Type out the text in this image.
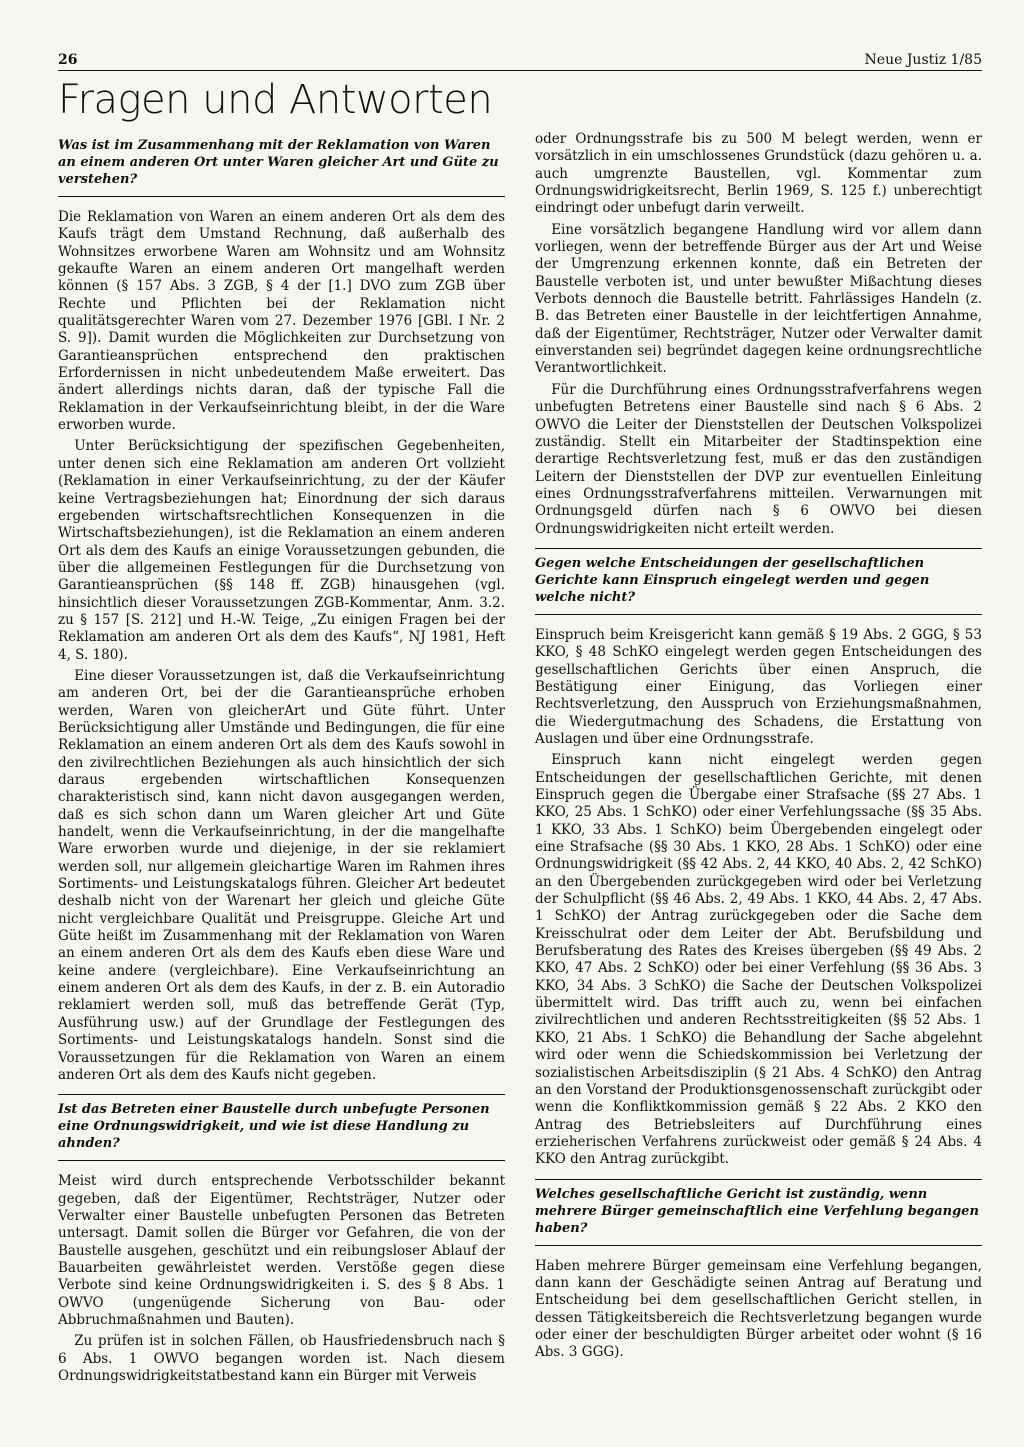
26	Neue Justiz 1/85
Fragen und Antworten
Was ist im Zusammenhang mit der Reklamation von Waren an einem anderen Ort unter Waren gleicher Art und Güte zu verstehen?

Die Reklamation von Waren an einem anderen Ort als dem des Kaufs trägt dem Umstand Rechnung, daß außerhalb des Wohnsitzes erworbene Waren am Wohnsitz und am Wohnsitz gekaufte Waren an einem anderen Ort mangelhaft werden können (§ 157 Abs. 3 ZGB, § 4 der [1.] DVO zum ZGB über Rechte und Pflichten bei der Reklamation nicht qualitätsgerechter Waren vom 27. Dezember 1976 [GBl. I Nr. 2 S. 9]). Damit wurden die Möglichkeiten zur Durchsetzung von Garantieansprüchen entsprechend den praktischen Erfordernissen in nicht unbedeutendem Maße erweitert. Das ändert allerdings nichts daran, daß der typische Fall die Reklamation in der Verkaufseinrichtung bleibt, in der die Ware erworben wurde.

Unter Berücksichtigung der spezifischen Gegebenheiten, unter denen sich eine Reklamation am anderen Ort vollzieht (Reklamation in einer Verkaufseinrichtung, zu der der Käufer keine Vertragsbeziehungen hat; Einordnung der sich daraus ergebenden wirtschaftsrechtlichen Konsequenzen in die Wirtschaftsbeziehungen), ist die Reklamation an einem anderen Ort als dem des Kaufs an einige Voraussetzungen gebunden, die über die allgemeinen Festlegungen für die Durchsetzung von Garantieansprüchen (§§ 148 ff. ZGB) hinausgehen (vgl. hinsichtlich dieser Voraussetzungen ZGB-Kommentar, Anm. 3.2. zu § 157 [S. 212] und H.-W. Teige, „Zu einigen Fragen bei der Reklamation am anderen Ort als dem des Kaufs“, NJ 1981, Heft 4, S. 180).

Eine dieser Voraussetzungen ist, daß die Verkaufseinrichtung am anderen Ort, bei der die Garantieansprüche erhoben werden, Waren von gleicherArt und Güte führt. Unter Berücksichtigung aller Umstände und Bedingungen, die für eine Reklamation an einem anderen Ort als dem des Kaufs sowohl in den zivilrechtlichen Beziehungen als auch hinsichtlich der sich daraus ergebenden wirtschaftlichen Konsequenzen charakteristisch sind, kann nicht davon ausgegangen werden, daß es sich schon dann um Waren gleicher Art und Güte handelt, wenn die Verkaufseinrichtung, in der die mangelhafte Ware erworben wurde und diejenige, in der sie reklamiert werden soll, nur allgemein gleichartige Waren im Rahmen ihres Sortiments- und Leistungskatalogs führen. Gleicher Art bedeutet deshalb nicht von der Warenart her gleich und gleiche Güte nicht vergleichbare Qualität und Preisgruppe. Gleiche Art und Güte heißt im Zusammenhang mit der Reklamation von Waren an einem anderen Ort als dem des Kaufs eben diese Ware und keine andere (vergleichbare). Eine Verkaufseinrichtung an einem anderen Ort als dem des Kaufs, in der z. B. ein Autoradio reklamiert werden soll, muß das betreffende Gerät (Typ, Ausführung usw.) auf der Grundlage der Festlegungen des Sortiments- und Leistungskatalogs handeln. Sonst sind die Voraussetzungen für die Reklamation von Waren an einem anderen Ort als dem des Kaufs nicht gegeben.

Ist das Betreten einer Baustelle durch unbefugte Personen eine Ordnungswidrigkeit, und wie ist diese Handlung zu ahnden?

Meist wird durch entsprechende Verbotsschilder bekannt gegeben, daß der Eigentümer, Rechtsträger, Nutzer oder Verwalter einer Baustelle unbefugten Personen das Betreten untersagt. Damit sollen die Bürger vor Gefahren, die von der Baustelle ausgehen, geschützt und ein reibungsloser Ablauf der Bauarbeiten gewährleistet werden. Verstöße gegen diese Verbote sind keine Ordnungswidrigkeiten i. S. des § 8 Abs. 1 OWVO (ungenügende Sicherung von Bau- oder Abbruchmaßnahmen und Bauten).

Zu prüfen ist in solchen Fällen, ob Hausfriedensbruch nach § 6 Abs. 1 OWVO begangen worden ist. Nach diesem Ordnungswidrigkeitstatbestand kann ein Bürger mit Verweis

oder Ordnungsstrafe bis zu 500 M belegt werden, wenn er vorsätzlich in ein umschlossenes Grundstück (dazu gehören u. a. auch umgrenzte Baustellen, vgl. Kommentar zum Ordnungswidrigkeitsrecht, Berlin 1969, S. 125 f.) unberechtigt eindringt oder unbefugt darin verweilt.

Eine vorsätzlich begangene Handlung wird vor allem dann vorliegen, wenn der betreffende Bürger aus der Art und Weise der Umgrenzung erkennen konnte, daß ein Betreten der Baustelle verboten ist, und unter bewußter Mißachtung dieses Verbots dennoch die Baustelle betritt. Fahrlässiges Handeln (z. B. das Betreten einer Baustelle in der leichtfertigen Annahme, daß der Eigentümer, Rechtsträger, Nutzer oder Verwalter damit einverstanden sei) begründet dagegen keine ordnungsrechtliche Verantwortlichkeit.

Für die Durchführung eines Ordnungsstrafverfahrens wegen unbefugten Betretens einer Baustelle sind nach § 6 Abs. 2 OWVO die Leiter der Dienststellen der Deutschen Volkspolizei zuständig. Stellt ein Mitarbeiter der Stadtinspektion eine derartige Rechtsverletzung fest, muß er das den zuständigen Leitern der Dienststellen der DVP zur eventuellen Einleitung eines Ordnungsstrafverfahrens mitteilen. Verwarnungen mit Ordnungsgeld dürfen nach § 6 OWVO bei diesen Ordnungswidrigkeiten nicht erteilt werden.

Gegen welche Entscheidungen der gesellschaftlichen Gerichte kann Einspruch eingelegt werden und gegen welche nicht?

Einspruch beim Kreisgericht kann gemäß § 19 Abs. 2 GGG, § 53 KKO, § 48 SchKO eingelegt werden gegen Entscheidungen des gesellschaftlichen Gerichts über einen Anspruch, die Bestätigung einer Einigung, das Vorliegen einer Rechtsverletzung, den Ausspruch von Erziehungsmaßnahmen, die Wiedergutmachung des Schadens, die Erstattung von Auslagen und über eine Ordnungsstrafe.

Einspruch kann nicht eingelegt werden gegen Entscheidungen der gesellschaftlichen Gerichte, mit denen Einspruch gegen die Übergabe einer Strafsache (§§ 27 Abs. 1 KKO, 25 Abs. 1 SchKO) oder einer Verfehlungssache (§§ 35 Abs. 1 KKO, 33 Abs. 1 SchKO) beim Übergebenden eingelegt oder eine Strafsache (§§ 30 Abs. 1 KKO, 28 Abs. 1 SchKO) oder eine Ordnungswidrigkeit (§§ 42 Abs. 2, 44 KKO, 40 Abs. 2, 42 SchKO) an den Übergebenden zurückgegeben wird oder bei Verletzung der Schulpflicht (§§ 46 Abs. 2, 49 Abs. 1 KKO, 44 Abs. 2, 47 Abs. 1 SchKO) der Antrag zurückgegeben oder die Sache dem Kreisschulrat oder dem Leiter der Abt. Berufsbildung und Berufsberatung des Rates des Kreises übergeben (§§ 49 Abs. 2 KKO, 47 Abs. 2 SchKO) oder bei einer Verfehlung (§§ 36 Abs. 3 KKO, 34 Abs. 3 SchKO) die Sache der Deutschen Volkspolizei übermittelt wird. Das trifft auch zu, wenn bei einfachen zivilrechtlichen und anderen Rechtsstreitigkeiten (§§ 52 Abs. 1 KKO, 21 Abs. 1 SchKO) die Behandlung der Sache abgelehnt wird oder wenn die Schiedskommission bei Verletzung der sozialistischen Arbeitsdisziplin (§ 21 Abs. 4 SchKO) den Antrag an den Vorstand der Produktionsgenossenschaft zurückgibt oder wenn die Konfliktkommission gemäß § 22 Abs. 2 KKO den Antrag des Betriebsleiters auf Durchführung eines erzieherischen Verfahrens zurückweist oder gemäß § 24 Abs. 4 KKO den Antrag zurückgibt.

Welches gesellschaftliche Gericht ist zuständig, wenn mehrere Bürger gemeinschaftlich eine Verfehlung begangen haben?

Haben mehrere Bürger gemeinsam eine Verfehlung begangen, dann kann der Geschädigte seinen Antrag auf Beratung und Entscheidung bei dem gesellschaftlichen Gericht stellen, in dessen Tätigkeitsbereich die Rechtsverletzung begangen wurde oder einer der beschuldigten Bürger arbeitet oder wohnt (§ 16 Abs. 3 GGG).
